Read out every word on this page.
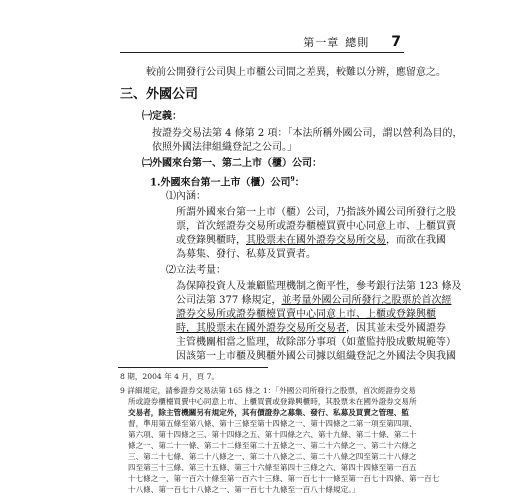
第一章 總則 7
較前公開發行公司與上市櫃公司間之差異，較難以分辨，應留意之。
三、外國公司
㈠定義：
按證券交易法第 4 條第 2 項：「本法所稱外國公司，謂以營利為目的，
依照外國法律組織登記之公司。」
㈡外國來台第一、第二上市（櫃）公司：
1.外國來台第一上市（櫃）公司$^9$：
⑴內涵：
所謂外國來台第一上市（櫃）公司，乃指該外國公司所發行之股
票，首次經證券交易所或證券櫃檯買賣中心同意上市、上櫃買賣
或登錄興櫃時，其股票未在國外證券交易所交易，而欲在我國
為募集、發行、私募及買賣者。
⑵立法考量：
為保障投資人及兼顧監理機制之衡平性，參考銀行法第 123 條及
公司法第 377 條規定，並考量外國公司所發行之股票於首次經
證券交易所或證券櫃檯買賣中心同意上市、上櫃或登錄興櫃
時，其股票未在國外證券交易所交易者，因其並未受外國證券
主管機關相當之監理，故除部分事項（如董監持股成數規範等）
因該第一上市櫃及興櫃外國公司據以組織登記之外國法令與我國
8 期，2004 年 4 月，頁 7。
9 詳細規定，請參證券交易法第 165 條之 1：「外國公司所發行之股票，首次經證券交易
所或證券櫃檯買賣中心同意上市、上櫃買賣或登錄興櫃時，其股票未在國外證券交易所
交易者，除主管機關另有規定外，其有價證券之募集、發行、私募及買賣之管理、監
督，準用第五條至第八條、第十三條至第十四條之一、第十四條之二第一項至第四項、
第六項、第十四條之三、第十四條之五、第十四條之六、第十九條、第二十條、第二十
條之一、第二十一條、第二十二條至第二十五條之一、第二十六條之一、第二十六條之
三、第二十七條、第二十八條之一、第二十八條之二、第二十八條之四至第二十八條之
四至第三十三條、第三十五條、第三十六條至第四十三條之六、第四十四條至第一百五
十七條之一、第一百六十條至第一百六十三條、第一百七十一條至第一百七十四條、第一百七
十八條、第一百七十八條之一、第一百七十九條至一百八十條規定。」
